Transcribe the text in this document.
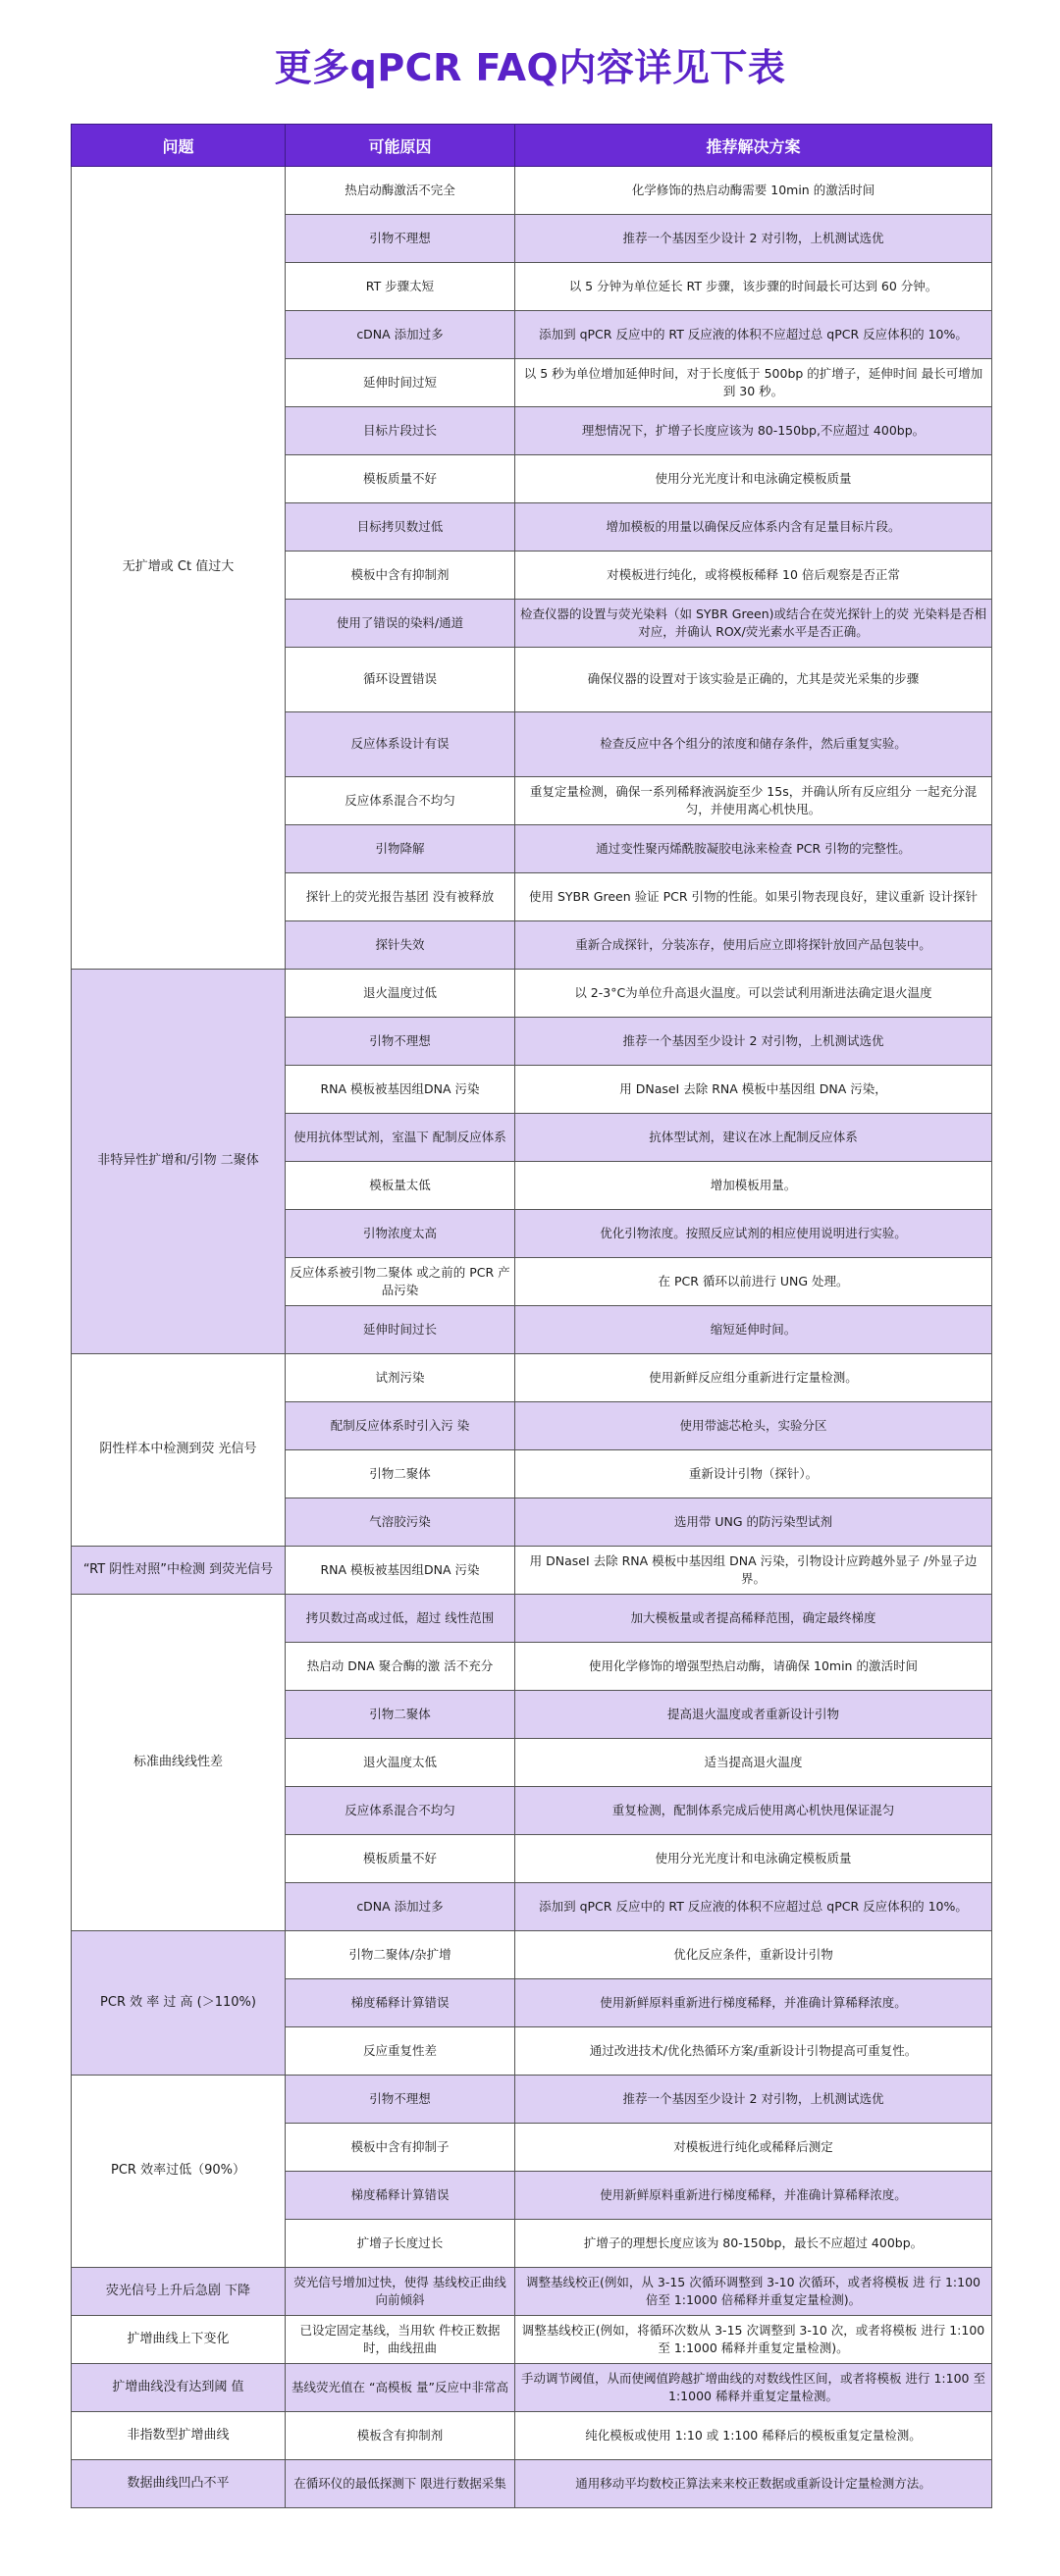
更多qPCR FAQ内容详见下表
问题	可能原因	推荐解决方案
无扩增或 Ct 值过大	热启动酶激活不完全	化学修饰的热启动酶需要 10min 的激活时间
	引物不理想	推荐一个基因至少设计 2 对引物，上机测试选优
	RT 步骤太短	以 5 分钟为单位延长 RT 步骤，该步骤的时间最长可达到 60 分钟。
	cDNA 添加过多	添加到 qPCR 反应中的 RT 反应液的体积不应超过总 qPCR 反应体积的 10%。
	延伸时间过短	以 5 秒为单位增加延伸时间，对于长度低于 500bp 的扩增子，延伸时间 最长可增加到 30 秒。
	目标片段过长	理想情况下，扩增子长度应该为 80-150bp,不应超过 400bp。
	模板质量不好	使用分光光度计和电泳确定模板质量
	目标拷贝数过低	增加模板的用量以确保反应体系内含有足量目标片段。
	模板中含有抑制剂	对模板进行纯化，或将模板稀释 10 倍后观察是否正常
	使用了错误的染料/通道	检查仪器的设置与荧光染料（如 SYBR Green)或结合在荧光探针上的荧 光染料是否相对应，并确认 ROX/荧光素水平是否正确。
	循环设置错误	确保仪器的设置对于该实验是正确的，尤其是荧光采集的步骤
	反应体系设计有误	检查反应中各个组分的浓度和储存条件，然后重复实验。
	反应体系混合不均匀	重复定量检测，确保一系列稀释液涡旋至少 15s，并确认所有反应组分 一起充分混匀，并使用离心机快甩。
	引物降解	通过变性聚丙烯酰胺凝胶电泳来检查 PCR 引物的完整性。
	探针上的荧光报告基团 没有被释放	使用 SYBR Green 验证 PCR 引物的性能。如果引物表现良好，建议重新 设计探针
	探针失效	重新合成探针，分装冻存，使用后应立即将探针放回产品包装中。
非特异性扩增和/引物 二聚体	退火温度过低	以 2-3°C为单位升高退火温度。可以尝试利用渐进法确定退火温度
	引物不理想	推荐一个基因至少设计 2 对引物，上机测试选优
	RNA 模板被基因组DNA 污染	用 DNaseI 去除 RNA 模板中基因组 DNA 污染，
	使用抗体型试剂，室温下 配制反应体系	抗体型试剂，建议在冰上配制反应体系
	模板量太低	增加模板用量。
	引物浓度太高	优化引物浓度。按照反应试剂的相应使用说明进行实验。
	反应体系被引物二聚体 或之前的 PCR 产品污染	在 PCR 循环以前进行 UNG 处理。
	延伸时间过长	缩短延伸时间。
阴性样本中检测到荧 光信号	试剂污染	使用新鲜反应组分重新进行定量检测。
	配制反应体系时引入污 染	使用带滤芯枪头，实验分区
	引物二聚体	重新设计引物（探针）。
	气溶胶污染	选用带 UNG 的防污染型试剂
“RT 阴性对照”中检测 到荧光信号	RNA 模板被基因组DNA 污染	用 DNaseI 去除 RNA 模板中基因组 DNA 污染，引物设计应跨越外显子 /外显子边界。
标准曲线线性差	拷贝数过高或过低，超过 线性范围	加大模板量或者提高稀释范围，确定最终梯度
	热启动 DNA 聚合酶的激 活不充分	使用化学修饰的增强型热启动酶，请确保 10min 的激活时间
	引物二聚体	提高退火温度或者重新设计引物
	退火温度太低	适当提高退火温度
	反应体系混合不均匀	重复检测，配制体系完成后使用离心机快甩保证混匀
	模板质量不好	使用分光光度计和电泳确定模板质量
	cDNA 添加过多	添加到 qPCR 反应中的 RT 反应液的体积不应超过总 qPCR 反应体积的 10%。
PCR 效 率 过 高 (＞110%)	引物二聚体/杂扩增	优化反应条件，重新设计引物
	梯度稀释计算错误	使用新鲜原料重新进行梯度稀释，并准确计算稀释浓度。
	反应重复性差	通过改进技术/优化热循环方案/重新设计引物提高可重复性。
PCR 效率过低（90%）	引物不理想	推荐一个基因至少设计 2 对引物，上机测试选优
	模板中含有抑制子	对模板进行纯化或稀释后测定
	梯度稀释计算错误	使用新鲜原料重新进行梯度稀释，并准确计算稀释浓度。
	扩增子长度过长	扩增子的理想长度应该为 80-150bp，最长不应超过 400bp。
荧光信号上升后急剧 下降	荧光信号增加过快，使得 基线校正曲线向前倾斜	调整基线校正(例如，从 3-15 次循环调整到 3-10 次循环，或者将模板 进 行 1:100 倍至 1:1000 倍稀释并重复定量检测)。
扩增曲线上下变化	已设定固定基线，当用软 件校正数据时，曲线扭曲	调整基线校正(例如，将循环次数从 3-15 次调整到 3-10 次，或者将模板 进行 1:100 至 1:1000 稀释并重复定量检测)。
扩增曲线没有达到阈 值	基线荧光值在 “高模板 量”反应中非常高	手动调节阈值，从而使阈值跨越扩增曲线的对数线性区间，或者将模板 进行 1:100 至 1:1000 稀释并重复定量检测。
非指数型扩增曲线	模板含有抑制剂	纯化模板或使用 1:10 或 1:100 稀释后的模板重复定量检测。
数据曲线凹凸不平	在循环仪的最低探测下 限进行数据采集	通用移动平均数校正算法来来校正数据或重新设计定量检测方法。
